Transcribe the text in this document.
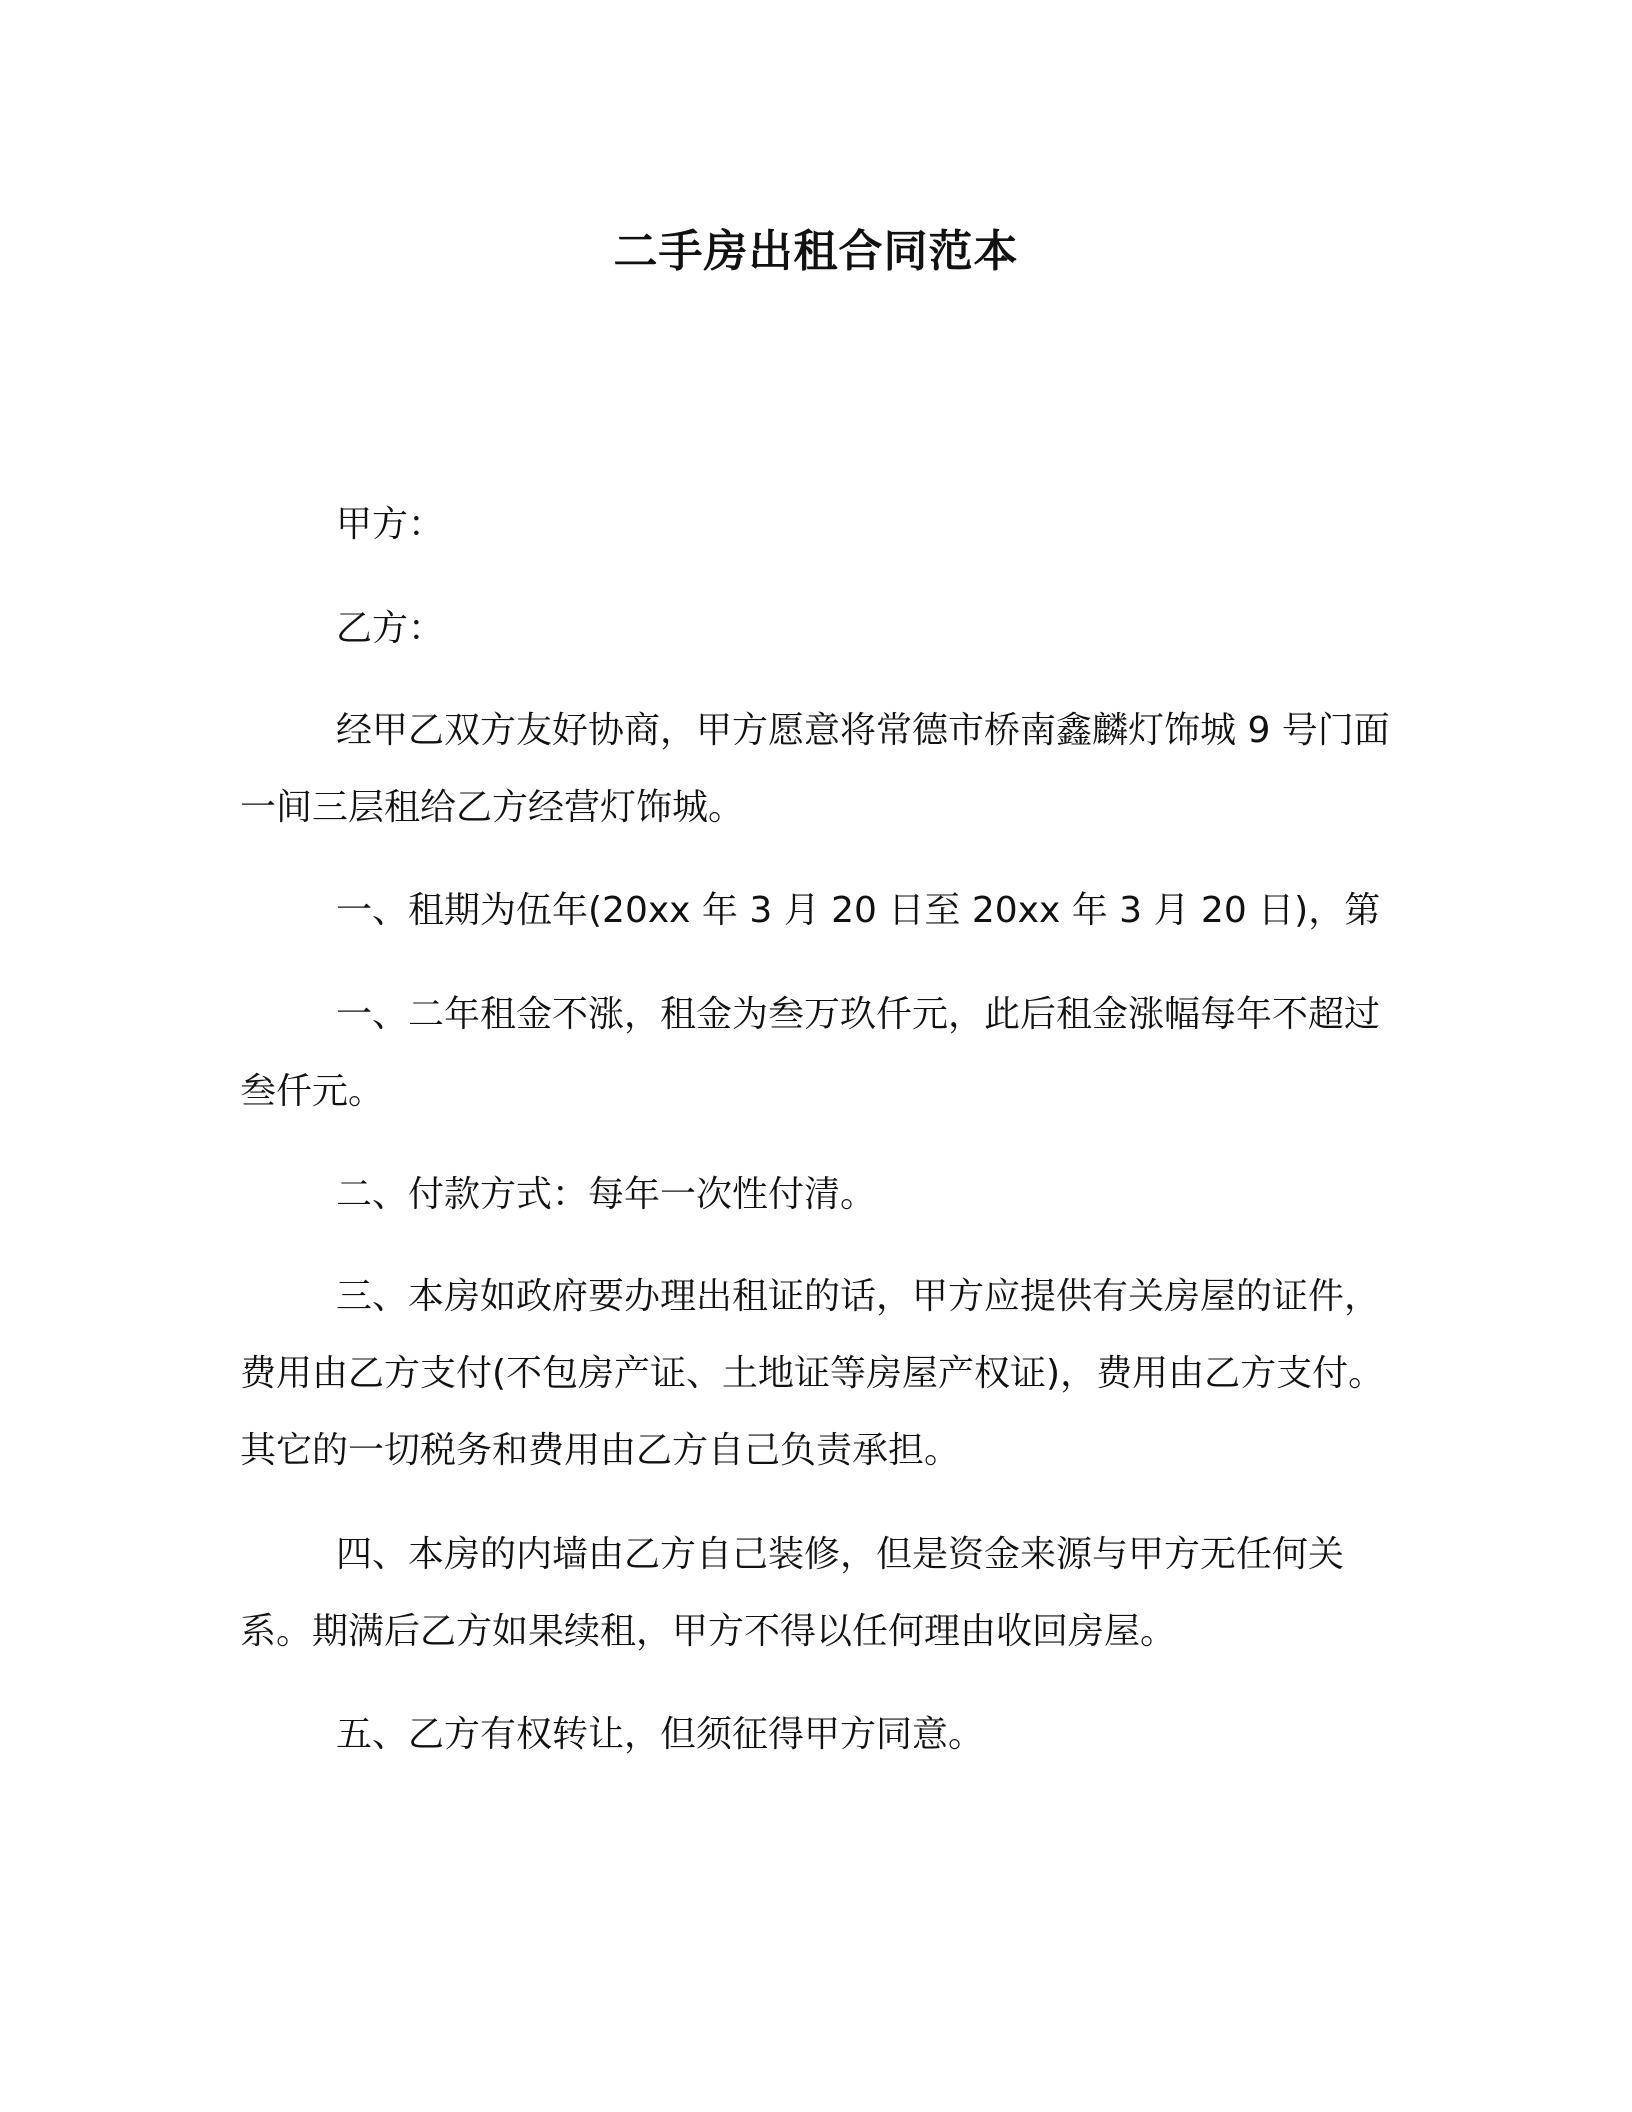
二手房出租合同范本

甲方：

乙方：

经甲乙双方友好协商，甲方愿意将常德市桥南鑫麟灯饰城 9 号门面一间三层租给乙方经营灯饰城。

一、租期为伍年(20xx 年 3 月 20 日至 20xx 年 3 月 20 日)，第

一、二年租金不涨，租金为叁万玖仟元，此后租金涨幅每年不超过叁仟元。

二、付款方式：每年一次性付清。

三、本房如政府要办理出租证的话，甲方应提供有关房屋的证件，费用由乙方支付(不包房产证、土地证等房屋产权证)，费用由乙方支付。其它的一切税务和费用由乙方自己负责承担。

四、本房的内墙由乙方自己装修，但是资金来源与甲方无任何关系。期满后乙方如果续租，甲方不得以任何理由收回房屋。

五、乙方有权转让，但须征得甲方同意。
